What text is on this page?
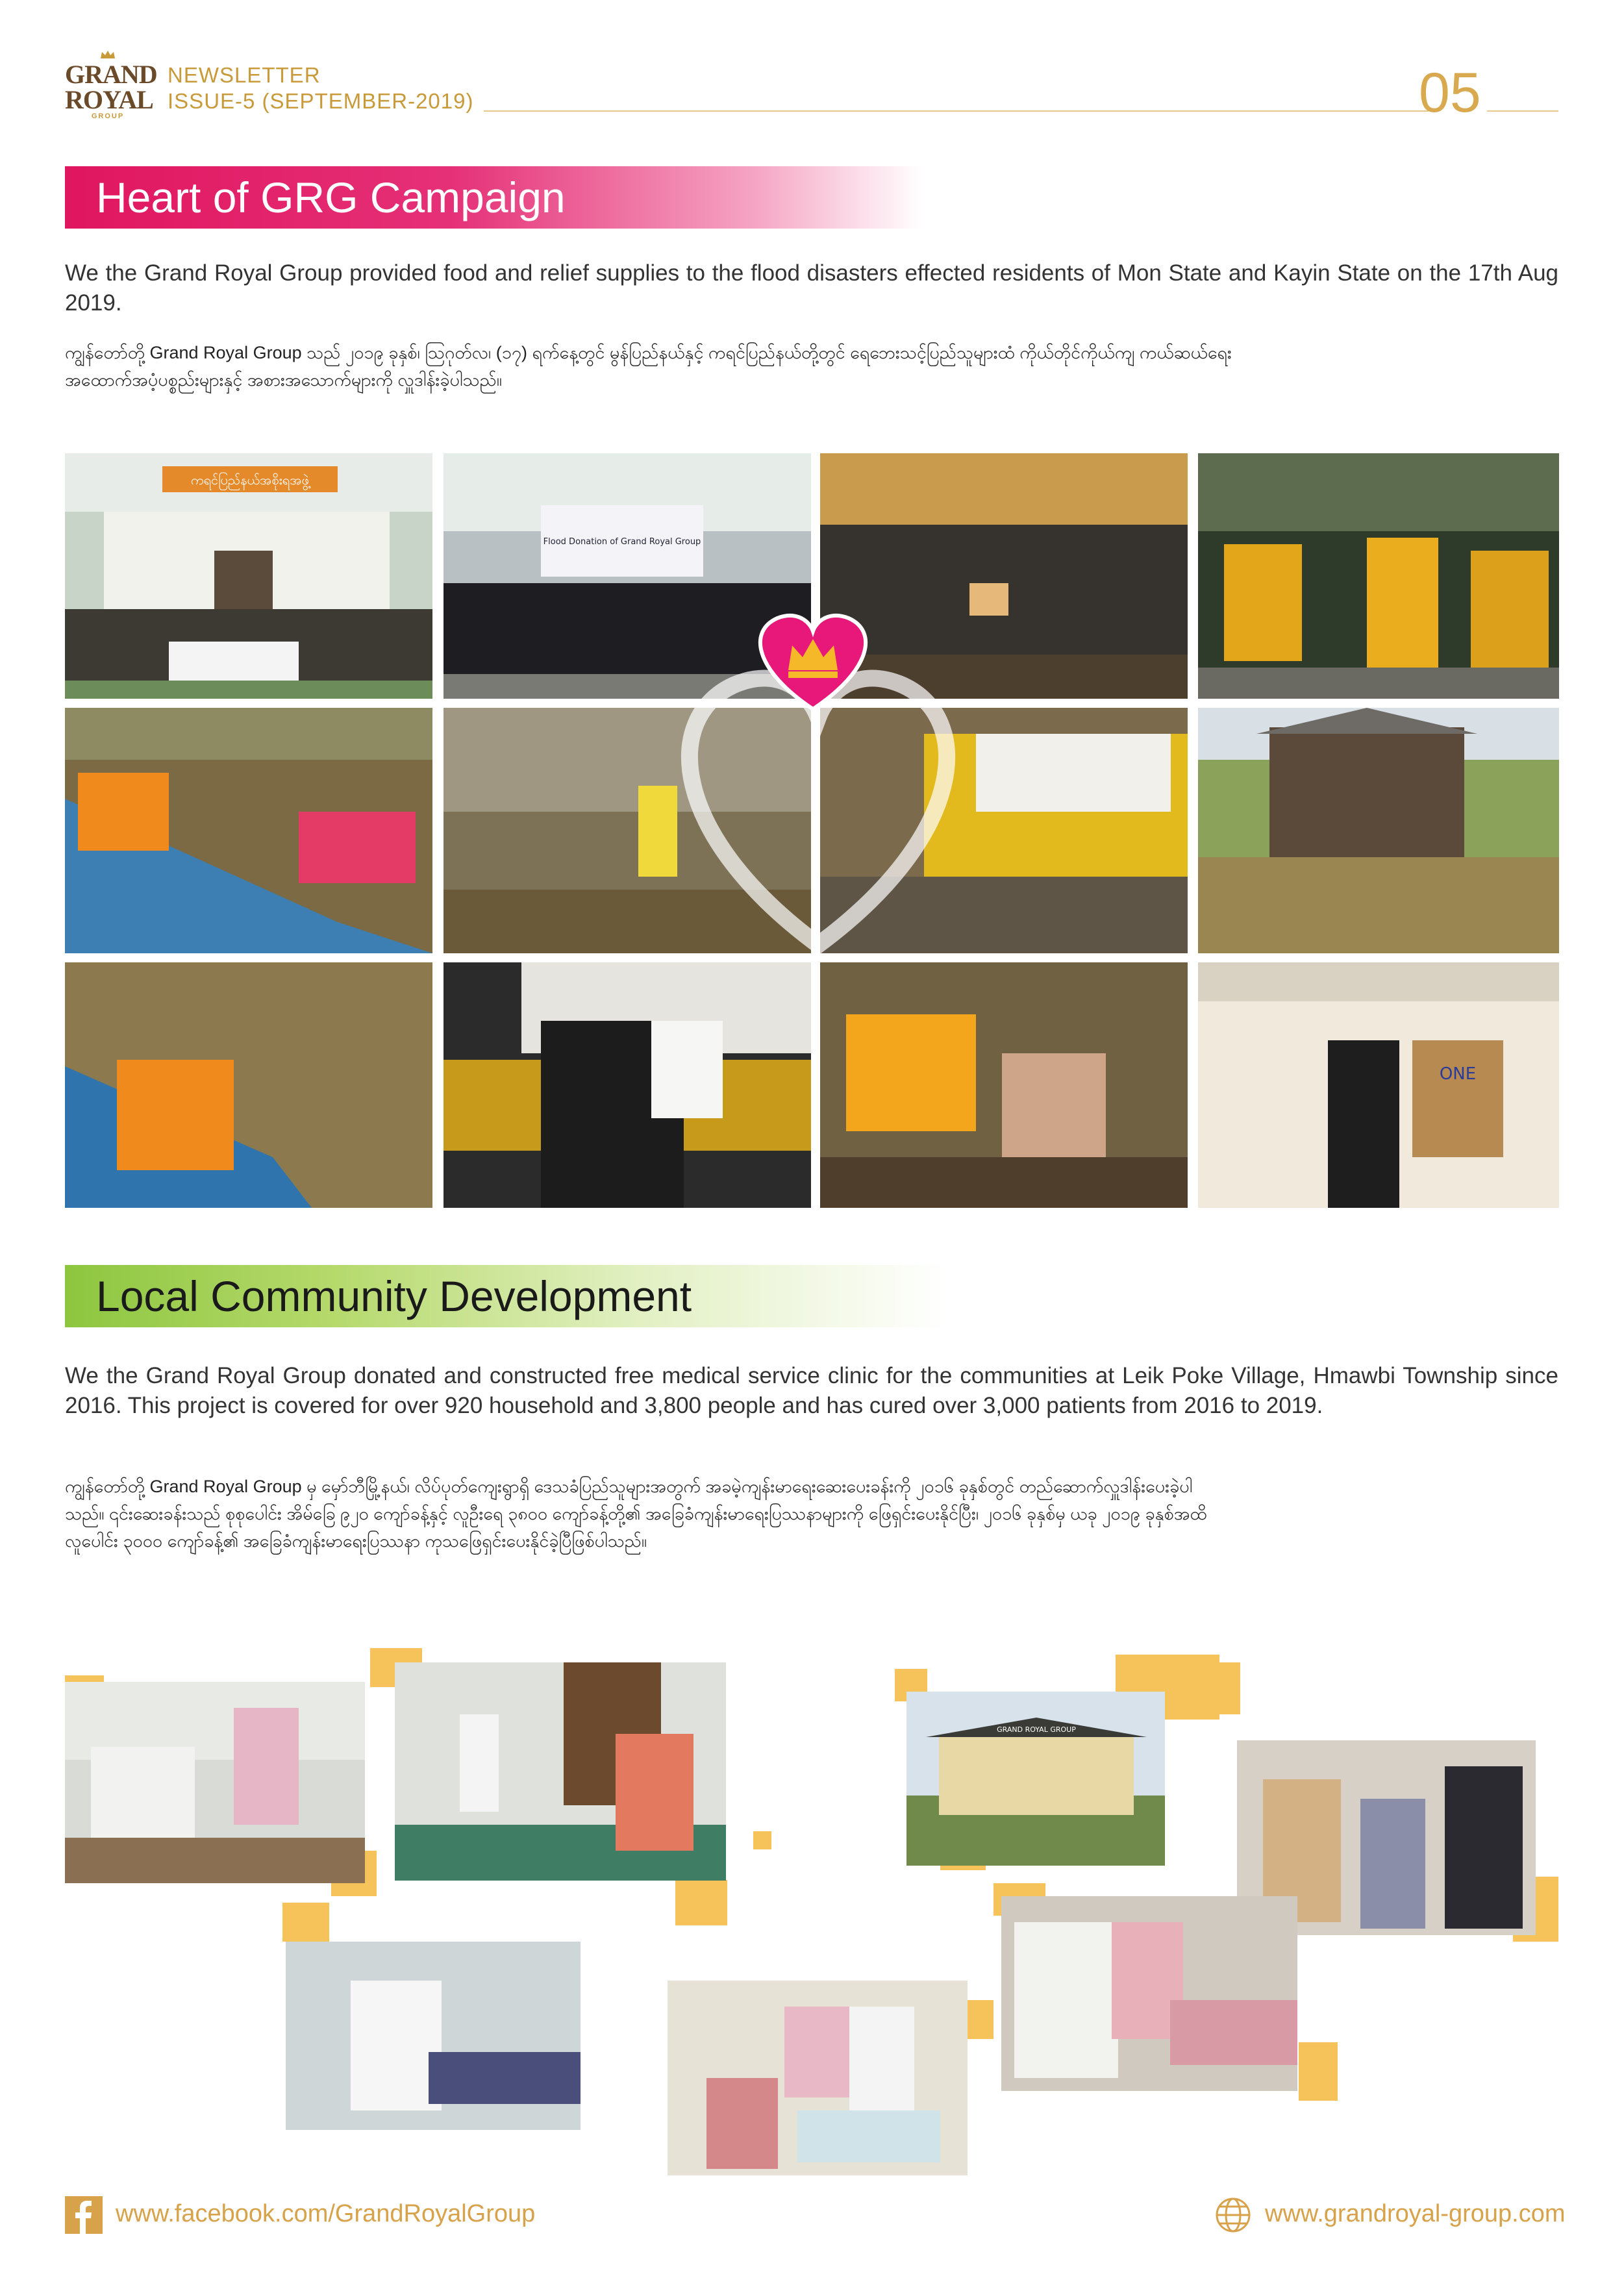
GRAND
ROYAL
GROUP
NEWSLETTER
ISSUE-5 (SEPTEMBER-2019)	05
Heart of GRG Campaign
We the Grand Royal Group provided food and relief supplies to the flood disasters effected residents of Mon State and Kayin State on the 17th Aug 2019.
ကျွန်တော်တို့ Grand Royal Group သည် ၂၀၁၉ ခုနှစ်၊ ဩဂုတ်လ၊ (၁၇) ရက်နေ့တွင် မွန်ပြည်နယ်နှင့် ကရင်ပြည်နယ်တို့တွင် ရေဘေးသင့်ပြည်သူများထံ ကိုယ်တိုင်ကိုယ်ကျ ကယ်ဆယ်ရေး
အထောက်အပံ့ပစ္စည်းများနှင့် အစားအသောက်များကို လှူဒါန်းခဲ့ပါသည်။
ကရင်ပြည်နယ်အစိုးရအဖွဲ့
Flood Donation of Grand Royal Group
ONE
Local Community Development
We the Grand Royal Group donated and constructed free medical service clinic for the communities at Leik Poke Village, Hmawbi Township since 2016. This project is covered for over 920 household and 3,800 people and has cured over 3,000 patients from 2016 to 2019.
ကျွန်တော်တို့ Grand Royal Group မှ မှော်ဘီမြို့နယ်၊ လိပ်ပုတ်ကျေးရွာရှိ ဒေသခံပြည်သူများအတွက် အခမဲ့ကျန်းမာရေးဆေးပေးခန်းကို ၂၀၁၆ ခုနှစ်တွင် တည်ဆောက်လှူဒါန်းပေးခဲ့ပါ
သည်။ ၎င်းဆေးခန်းသည် စုစုပေါင်း အိမ်ခြေ ၉၂၀ ကျော်ခန့်နှင့် လူဦးရေ ၃၈၀၀ ကျော်ခန့်တို့၏ အခြေခံကျန်းမာရေးပြဿနာများကို ဖြေရှင်းပေးနိုင်ပြီး၊ ၂၀၁၆ ခုနှစ်မှ ယခု ၂၀၁၉ ခုနှစ်အထိ
လူပေါင်း ၃၀၀၀ ကျော်ခန့်၏ အခြေခံကျန်းမာရေးပြဿနာ ကုသဖြေရှင်းပေးနိုင်ခဲ့ပြီဖြစ်ပါသည်။
GRAND ROYAL GROUP
www.facebook.com/GrandRoyalGroup	www.grandroyal-group.com
